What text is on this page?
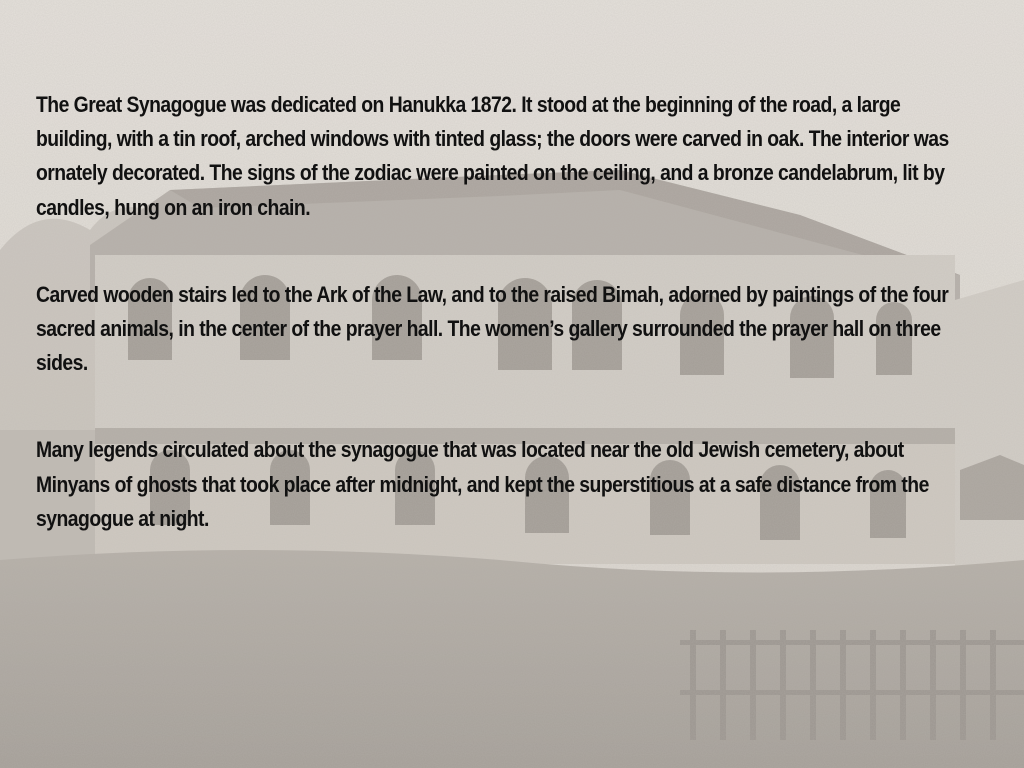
The Great Synagogue was dedicated on Hanukka 1872. It stood at the beginning of the road, a large building, with a tin roof, arched windows with tinted glass; the doors were carved in oak. The interior was ornately decorated. The signs of the zodiac were painted on the ceiling, and a bronze candelabrum, lit by candles, hung on an iron chain.

Carved wooden stairs led to the Ark of the Law, and to the raised Bimah, adorned by paintings of the four sacred animals, in the center of the prayer hall. The women’s gallery surrounded the prayer hall on three sides.

Many legends circulated about the synagogue that was located near the old Jewish cemetery, about Minyans of ghosts that took place after midnight, and kept the superstitious at a safe distance from the synagogue at night.
